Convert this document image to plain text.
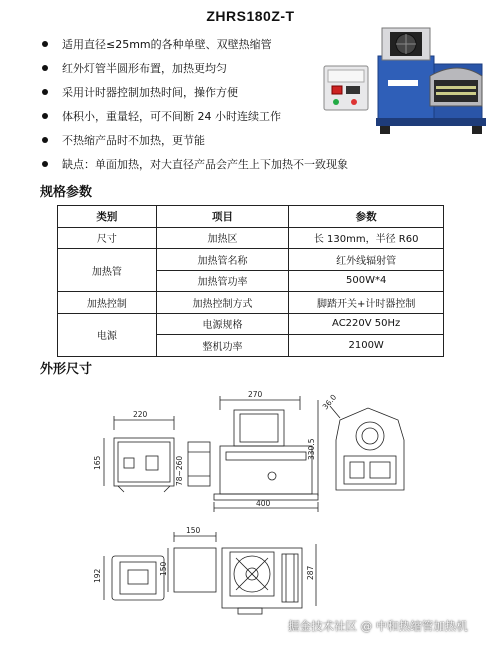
ZHRS180Z-T
适用直径≤25mm的各种单壁、双壁热缩管
红外灯管半圆形布置，加热更均匀
采用计时器控制加热时间，操作方便
体积小，重量轻，可不间断 24 小时连续工作
不热缩产品时不加热，更节能
缺点：单面加热，对大直径产品会产生上下加热不一致现象
规格参数
类别	项目	参数
尺寸	加热区	长 130mm，半径 R60
加热管	加热管名称	红外线辐射管
	加热管功率	500W*4
加热控制	加热控制方式	脚踏开关+计时器控制
电源	电源规格	AC220V 50Hz
	整机功率	2100W
外形尺寸
220
165	78~260
270
400
330.5
36.0
150
192	150	287
掘金技术社区 @ 中和热缩管加热机
